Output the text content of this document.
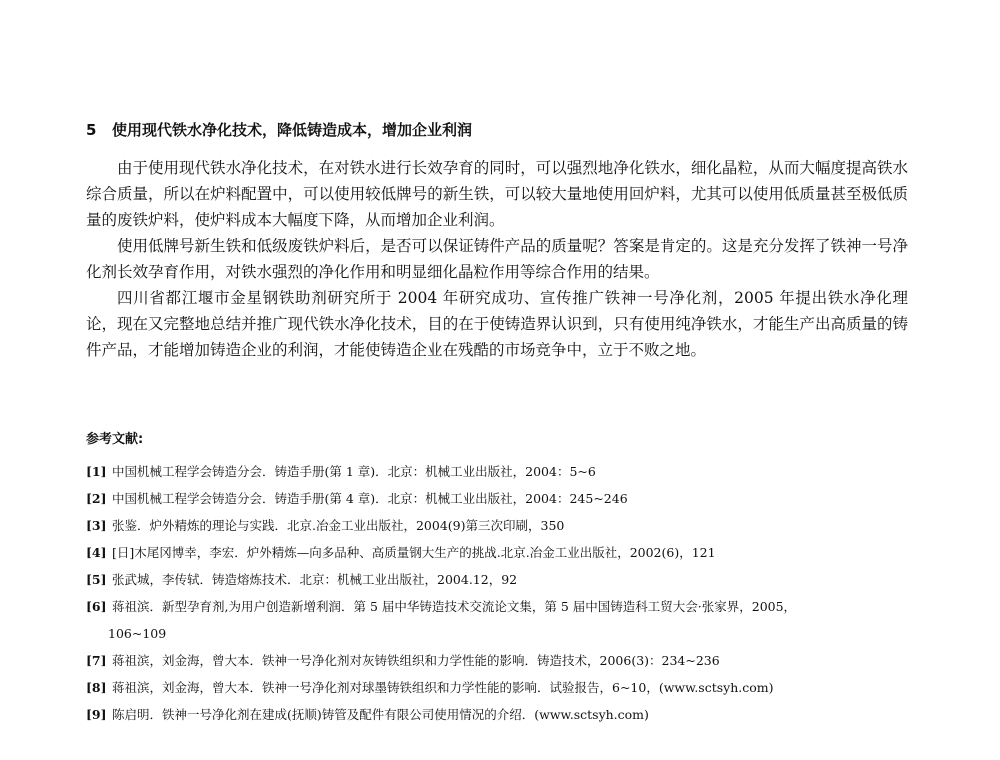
5 使用现代铁水净化技术，降低铸造成本，增加企业利润

由于使用现代铁水净化技术，在对铁水进行长效孕育的同时，可以强烈地净化铁水，细化晶粒，从而大幅度提高铁水综合质量，所以在炉料配置中，可以使用较低牌号的新生铁，可以较大量地使用回炉料，尤其可以使用低质量甚至极低质量的废铁炉料，使炉料成本大幅度下降，从而增加企业利润。

使用低牌号新生铁和低级废铁炉料后，是否可以保证铸件产品的质量呢？答案是肯定的。这是充分发挥了铁神一号净化剂长效孕育作用，对铁水强烈的净化作用和明显细化晶粒作用等综合作用的结果。

四川省都江堰市金星钢铁助剂研究所于 2004 年研究成功、宣传推广铁神一号净化剂，2005 年提出铁水净化理论，现在又完整地总结并推广现代铁水净化技术，目的在于使铸造界认识到，只有使用纯净铁水，才能生产出高质量的铸件产品，才能增加铸造企业的利润，才能使铸造企业在残酷的市场竞争中，立于不败之地。

参考文献:
[1] 中国机械工程学会铸造分会．铸造手册(第 1 章)．北京：机械工业出版社，2004：5~6
[2] 中国机械工程学会铸造分会．铸造手册(第 4 章)．北京：机械工业出版社，2004：245~246
[3] 张鉴．炉外精炼的理论与实践．北京.冶金工业出版社，2004(9)第三次印刷，350
[4] [日]木尾冈博幸，李宏．炉外精炼—向多品种、高质量钢大生产的挑战.北京.冶金工业出版社，2002(6)，121
[5] 张武城，李传轼．铸造熔炼技术．北京：机械工业出版社，2004.12，92
[6] 蒋祖滨．新型孕育剂,为用户创造新增利润．第 5 届中华铸造技术交流论文集，第 5 届中国铸造科工贸大会·张家界，2005，
106~109
[7] 蒋祖滨，刘金海，曾大本．铁神一号净化剂对灰铸铁组织和力学性能的影响．铸造技术，2006(3)：234~236
[8] 蒋祖滨，刘金海，曾大本．铁神一号净化剂对球墨铸铁组织和力学性能的影响．试验报告，6~10，(www.sctsyh.com)
[9] 陈启明．铁神一号净化剂在建成(抚顺)铸管及配件有限公司使用情况的介绍．(www.sctsyh.com)
